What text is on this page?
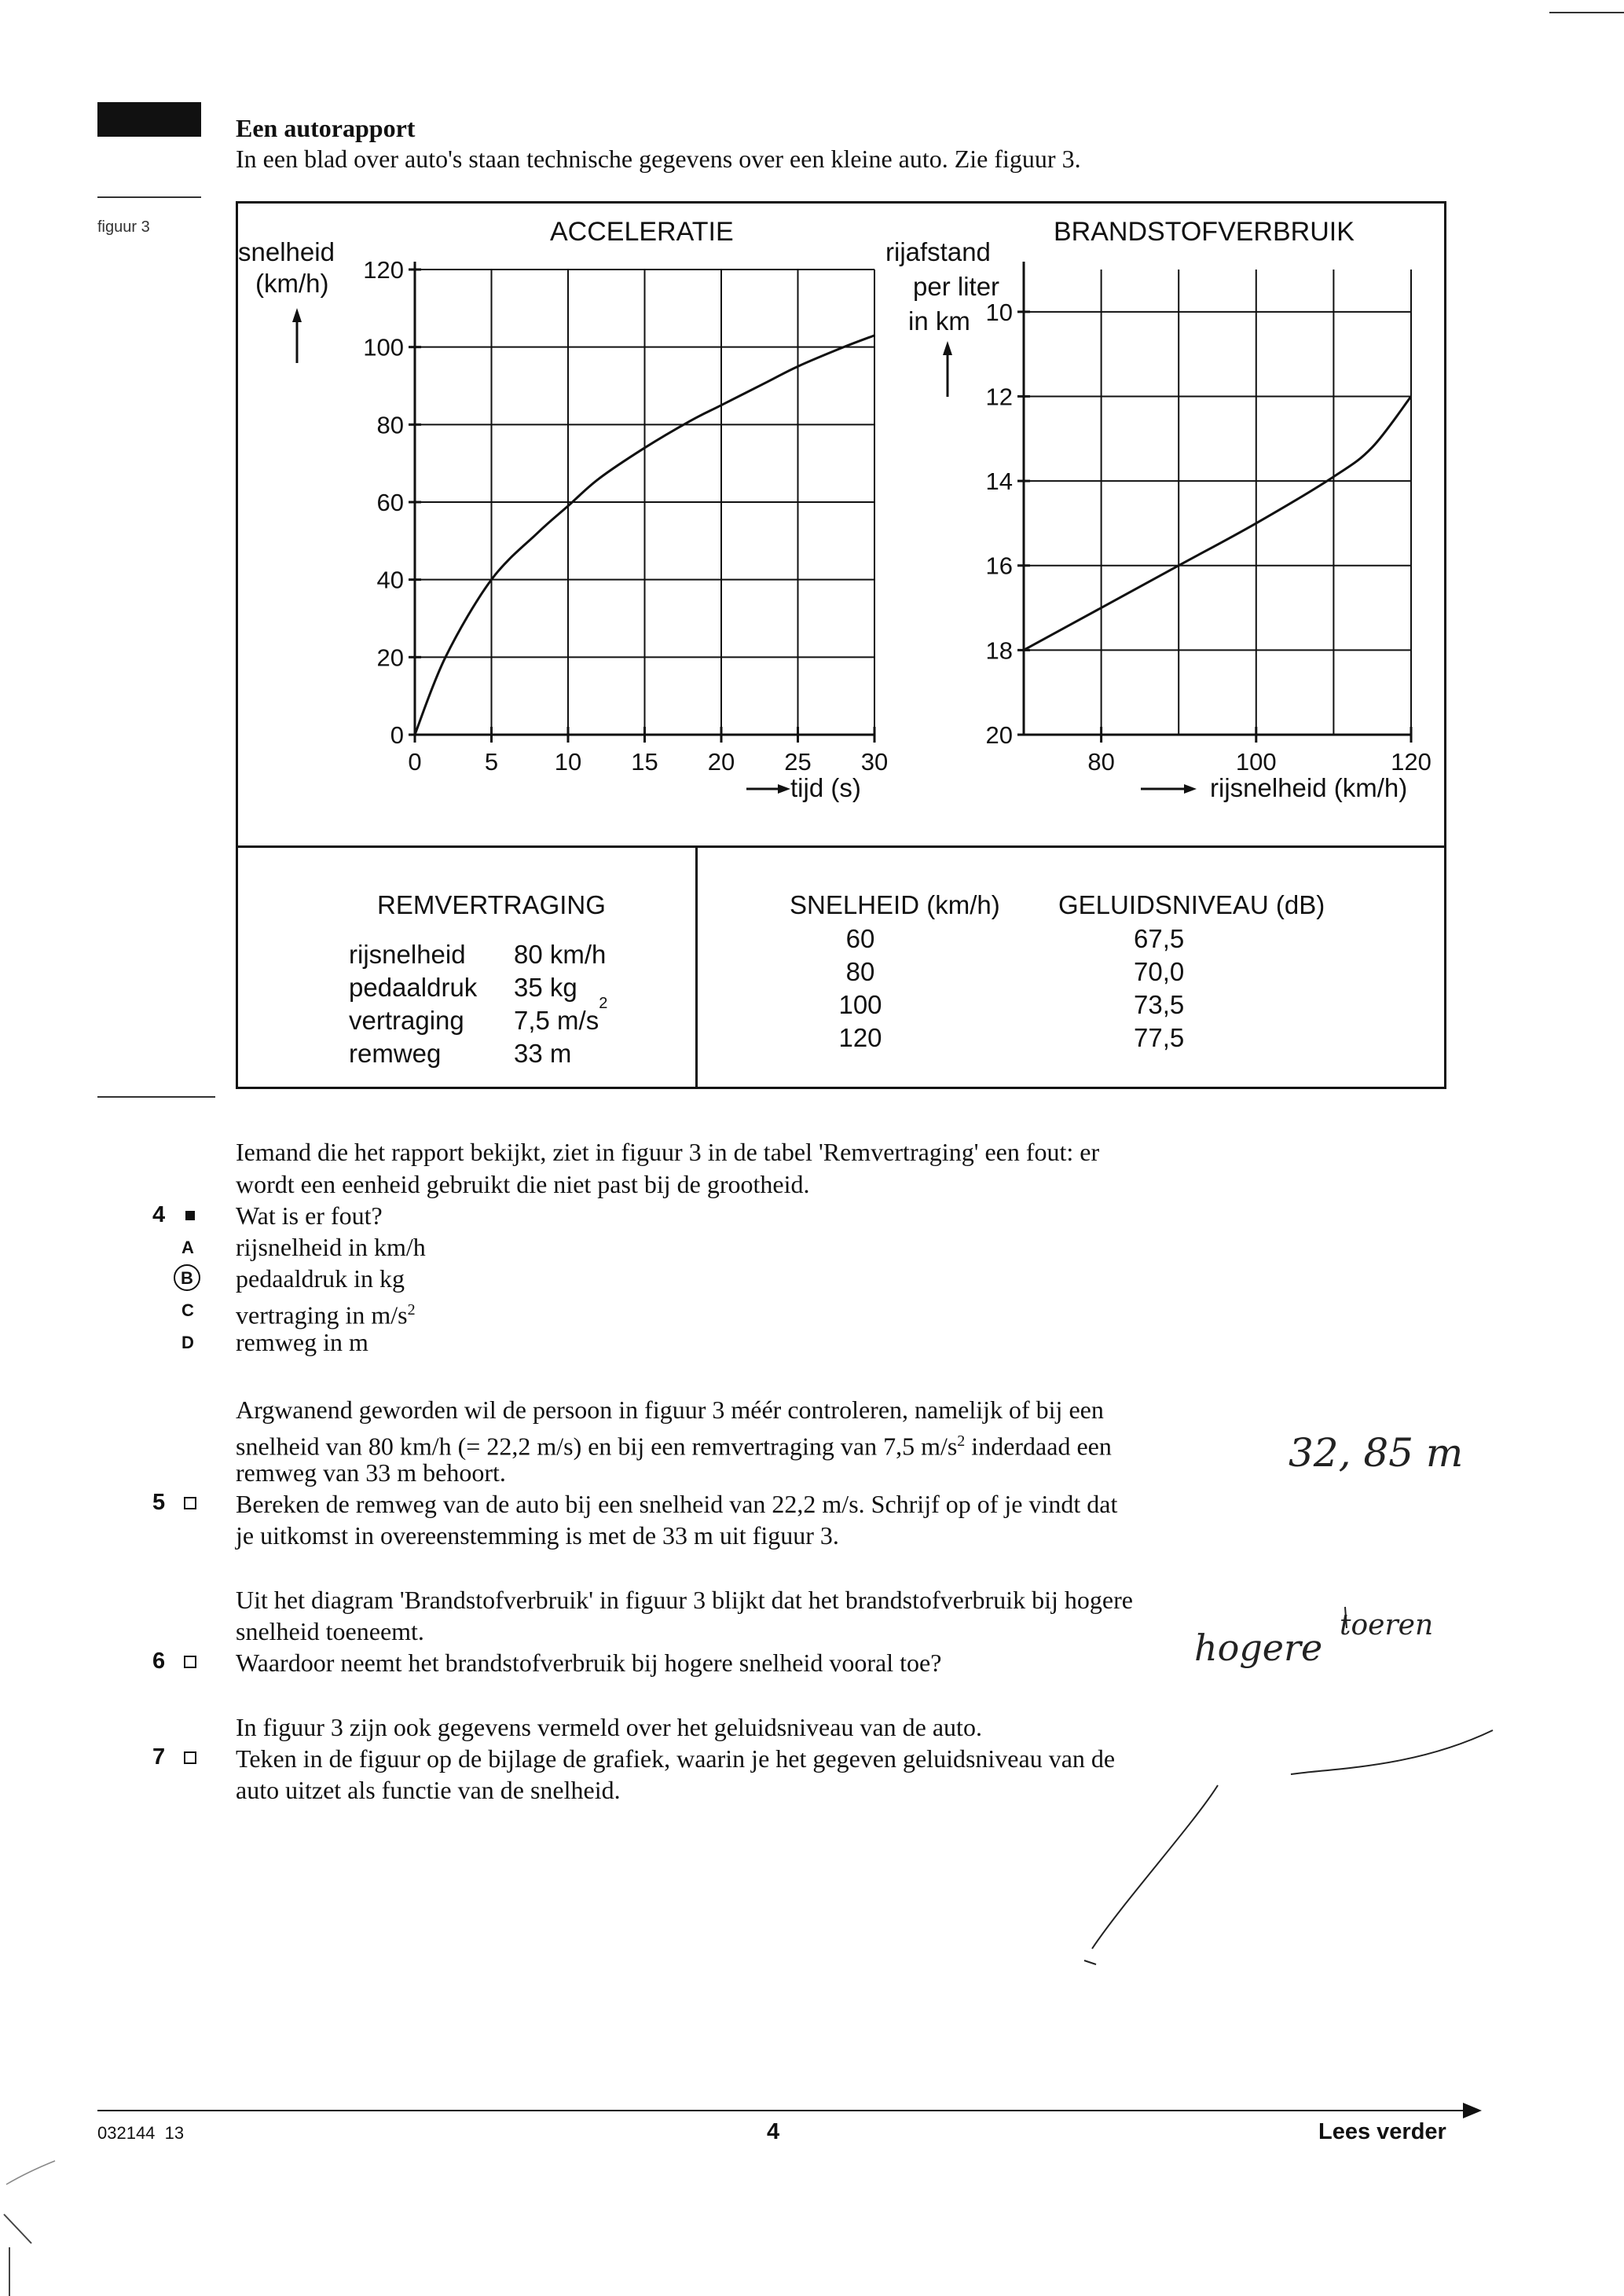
Een autorapport
In een blad over auto's staan technische gegevens over een kleine auto. Zie figuur 3.
figuur 3
0
20
40
60
80
100
120
0	5 10 15 20 25 30
10
12
14
16
18
20
80	100	120
ACCELERATIE
snelheid
(km/h)
tijd (s)
BRANDSTOFVERBRUIK
rijafstand
per liter
in km
rijsnelheid (km/h)
REMVERTRAGING
rijsnelheid	80 km/h
pedaaldruk	35 kg
vertraging	7,5 m/s
2
remweg	33 m
SNELHEID (km/h) GELUIDSNIVEAU (dB)
60	67,5
80	70,0
100	73,5
120	77,5
Iemand die het rapport bekijkt, ziet in figuur 3 in de tabel 'Remvertraging' een fout: er
wordt een eenheid gebruikt die niet past bij de grootheid.
4	Wat is er fout?
A rijsnelheid in km/h
B pedaaldruk in kg
C vertraging in $m/s^2$
D remweg in m
Argwanend geworden wil de persoon in figuur 3 méér controleren, namelijk of bij een
snelheid van 80 km/h (= 22,2 m/s) en bij een remvertraging van 7,5 $m/s^2$ inderdaad een
remweg van 33 m behoort.
5	Bereken de remweg van de auto bij een snelheid van 22,2 m/s. Schrijf op of je vindt dat
je uitkomst in overeenstemming is met de 33 m uit figuur 3.
Uit het diagram 'Brandstofverbruik' in figuur 3 blijkt dat het brandstofverbruik bij hogere
snelheid toeneemt.
6	Waardoor neemt het brandstofverbruik bij hogere snelheid vooral toe?
In figuur 3 zijn ook gegevens vermeld over het geluidsniveau van de auto.
7	Teken in de figuur op de bijlage de grafiek, waarin je het gegeven geluidsniveau van de
auto uitzet als functie van de snelheid.
32, 85 m
hogere
toeren
032144  13	4	Lees verder
